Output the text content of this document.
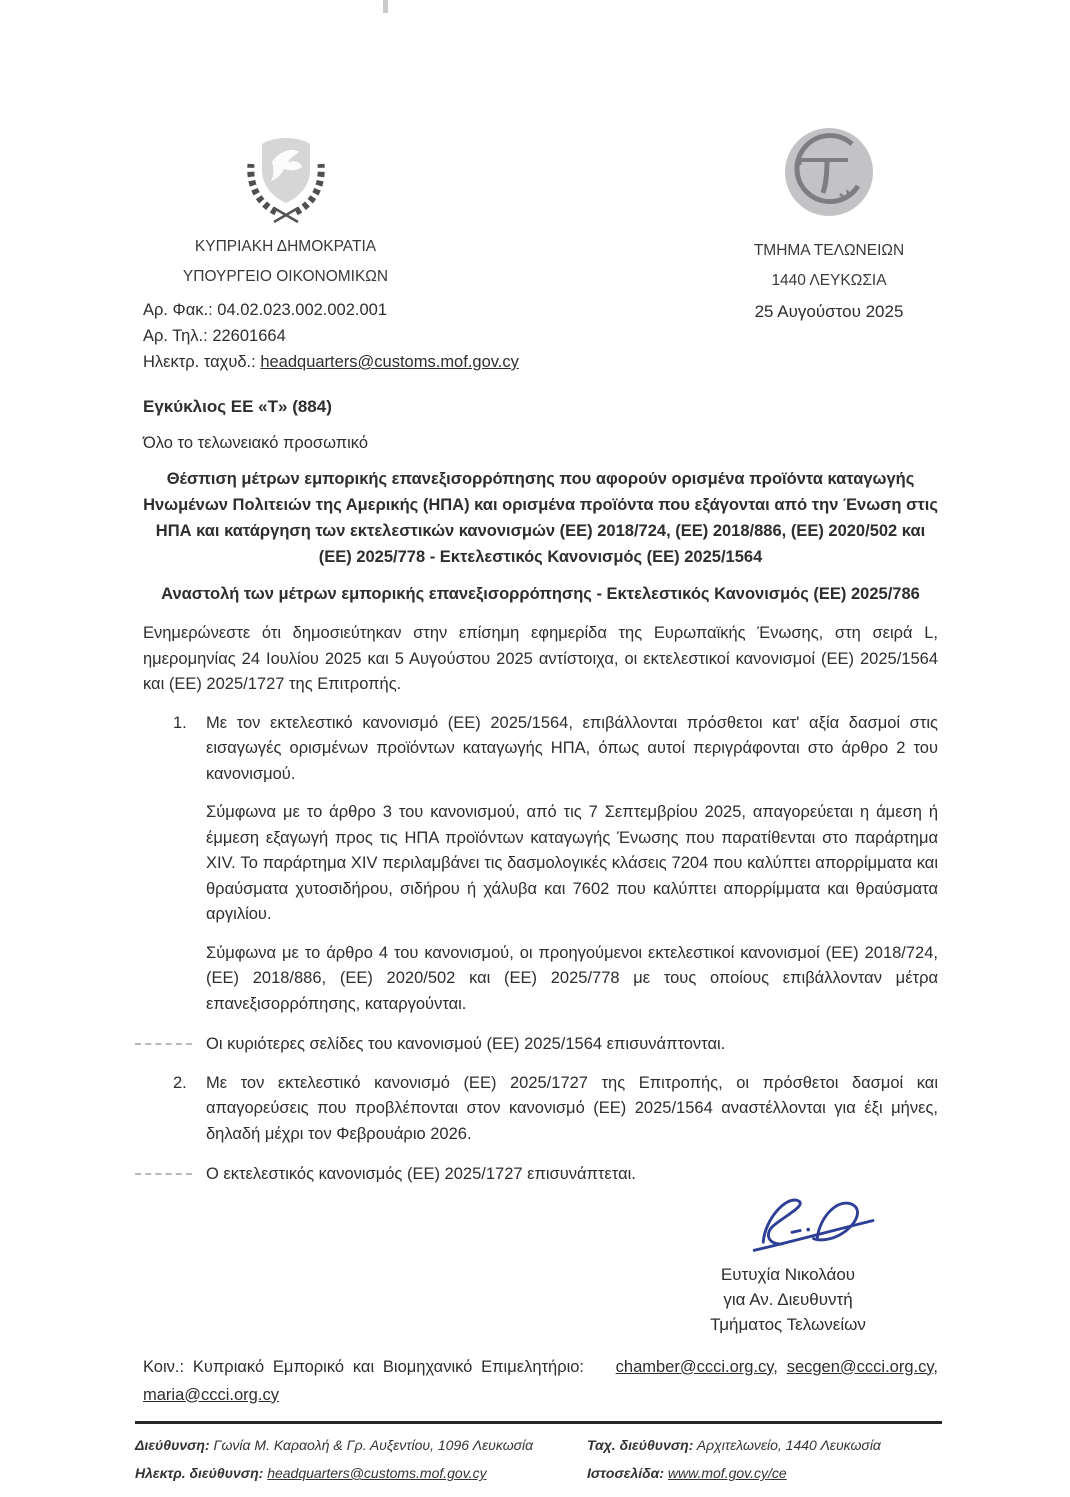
ΚΥΠΡΙΑΚΗ ΔΗΜΟΚΡΑΤΙΑ
ΥΠΟΥΡΓΕΙΟ ΟΙΚΟΝΟΜΙΚΩΝ
ΤΜΗΜΑ ΤΕΛΩΝΕΙΩΝ
1440 ΛΕΥΚΩΣΙΑ
25 Αυγούστου 2025
Αρ. Φακ.: 04.02.023.002.002.001
Αρ. Τηλ.: 22601664
Ηλεκτρ. ταχυδ.: headquarters@customs.mof.gov.cy
Εγκύκλιος ΕΕ «Τ» (884)
Όλο το τελωνειακό προσωπικό
Θέσπιση μέτρων εμπορικής επανεξισορρόπησης που αφορούν ορισμένα προϊόντα καταγωγής Ηνωμένων Πολιτειών της Αμερικής (ΗΠΑ) και ορισμένα προϊόντα που εξάγονται από την Ένωση στις ΗΠΑ και κατάργηση των εκτελεστικών κανονισμών (ΕΕ) 2018/724, (ΕΕ) 2018/886, (ΕΕ) 2020/502 και (ΕΕ) 2025/778 - Εκτελεστικός Κανονισμός (ΕΕ) 2025/1564
Αναστολή των μέτρων εμπορικής επανεξισορρόπησης - Εκτελεστικός Κανονισμός (ΕΕ) 2025/786
Ενημερώνεστε ότι δημοσιεύτηκαν στην επίσημη εφημερίδα της Ευρωπαϊκής Ένωσης, στη σειρά L, ημερομηνίας 24 Ιουλίου 2025 και 5 Αυγούστου 2025 αντίστοιχα, οι εκτελεστικοί κανονισμοί (ΕΕ) 2025/1564 και (ΕΕ) 2025/1727 της Επιτροπής.
1.	Με τον εκτελεστικό κανονισμό (ΕΕ) 2025/1564, επιβάλλονται πρόσθετοι κατ' αξία δασμοί στις εισαγωγές ορισμένων προϊόντων καταγωγής ΗΠΑ, όπως αυτοί περιγράφονται στο άρθρο 2 του κανονισμού.
Σύμφωνα με το άρθρο 3 του κανονισμού, από τις 7 Σεπτεμβρίου 2025, απαγορεύεται η άμεση ή έμμεση εξαγωγή προς τις ΗΠΑ προϊόντων καταγωγής Ένωσης που παρατίθενται στο παράρτημα XIV. Το παράρτημα XIV περιλαμβάνει τις δασμολογικές κλάσεις 7204 που καλύπτει απορρίμματα και θραύσματα χυτοσιδήρου, σιδήρου ή χάλυβα και 7602 που καλύπτει απορρίμματα και θραύσματα αργιλίου.
Σύμφωνα με το άρθρο 4 του κανονισμού, οι προηγούμενοι εκτελεστικοί κανονισμοί (ΕΕ) 2018/724, (ΕΕ) 2018/886, (ΕΕ) 2020/502 και (ΕΕ) 2025/778 με τους οποίους επιβάλλονταν μέτρα επανεξισορρόπησης, καταργούνται.
Οι κυριότερες σελίδες του κανονισμού (ΕΕ) 2025/1564 επισυνάπτονται.
2.	Με τον εκτελεστικό κανονισμό (ΕΕ) 2025/1727 της Επιτροπής, οι πρόσθετοι δασμοί και απαγορεύσεις που προβλέπονται στον κανονισμό (ΕΕ) 2025/1564 αναστέλλονται για έξι μήνες, δηλαδή μέχρι τον Φεβρουάριο 2026.
Ο εκτελεστικός κανονισμός (ΕΕ) 2025/1727 επισυνάπτεται.
Ευτυχία Νικολάου
για Αν. Διευθυντή
Τμήματος Τελωνείων
Κοιν.: Κυπριακό Εμπορικό και Βιομηχανικό Επιμελητήριο: chamber@ccci.org.cy, secgen@ccci.org.cy, maria@ccci.org.cy
Διεύθυνση: Γωνία Μ. Καραολή & Γρ. Αυξεντίου, 1096 Λευκωσία	Ταχ. διεύθυνση: Αρχιτελωνείο, 1440 Λευκωσία
Ηλεκτρ. διεύθυνση: headquarters@customs.mof.gov.cy	Ιστοσελίδα: www.mof.gov.cy/ce
